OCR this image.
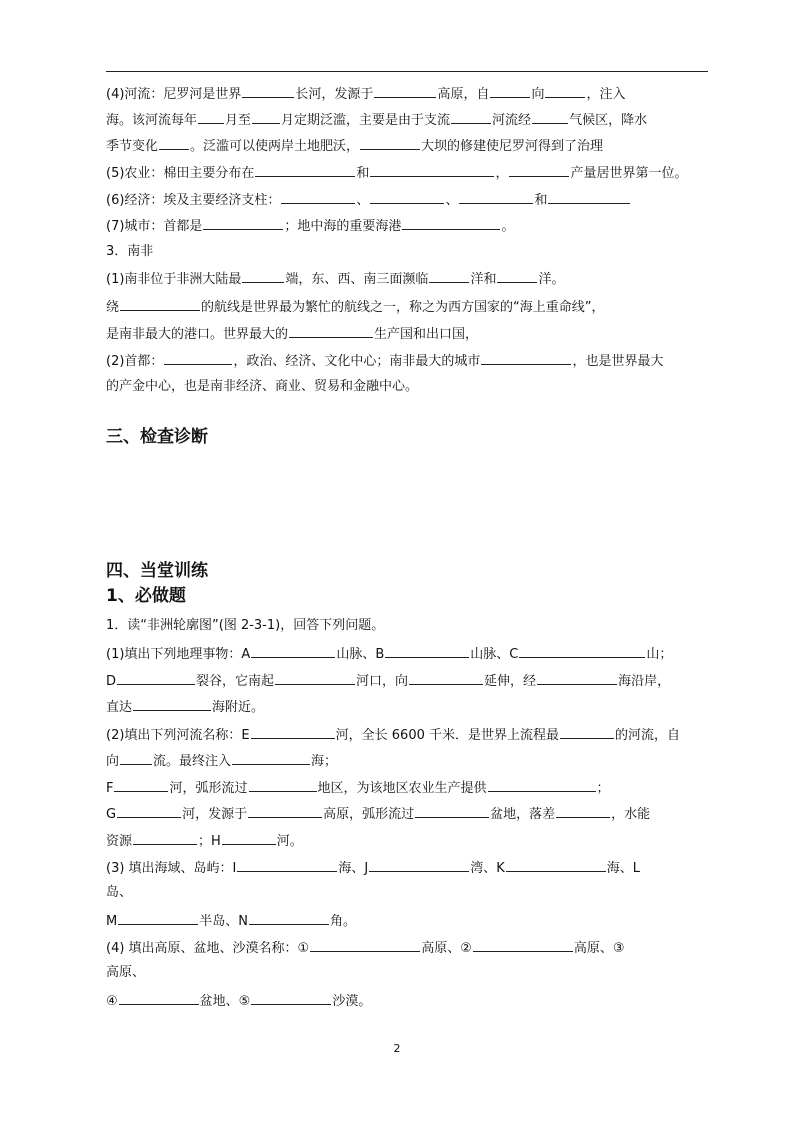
(4)河流：尼罗河是世界	长河，发源于	高原，自	向	，注入
海。该河流每年 月至 月定期泛滥，主要是由于支流	河流经	气候区，降水
季节变化 。泛滥可以使两岸土地肥沃，	大坝的修建使尼罗河得到了治理
(5)农业：棉田主要分布在	和	，	产量居世界第一位。
(6)经济：埃及主要经济支柱：	、	、	和
(7)城市：首都是	；地中海的重要海港	。
3．南非
(1)南非位于非洲大陆最	端，东、西、南三面濒临	洋和	洋。
绕	的航线是世界最为繁忙的航线之一，称之为西方国家的“海上重命线”，
是南非最大的港口。世界最大的	生产国和出口国，
(2)首都：	，政治、经济、文化中心；南非最大的城市	，也是世界最大
的产金中心，也是南非经济、商业、贸易和金融中心。
三、检查诊断
四、当堂训练
1、必做题
1．读“非洲轮廓图”(图 2-3-1)，回答下列问题。
(1)填出下列地理事物：A	山脉、B	山脉、C	山；
D	裂谷，它南起	河口，向	延伸，经	海沿岸，
直达	海附近。
(2)填出下列河流名称：E	河，全长 6600 千米．是世界上流程最	的河流，自
向	流。最终注入	海；
F	河，弧形流过	地区，为该地区农业生产提供	；
G	河，发源于	高原，弧形流过	盆地，落差	，水能
资源	；H	河。
(3) 填出海域、岛屿：I	海、J	湾、K	海、L
岛、
M	半岛、N	角。
(4) 填出高原、盆地、沙漠名称：①	高原、②	高原、③
高原、
④	盆地、⑤	沙漠。
2
